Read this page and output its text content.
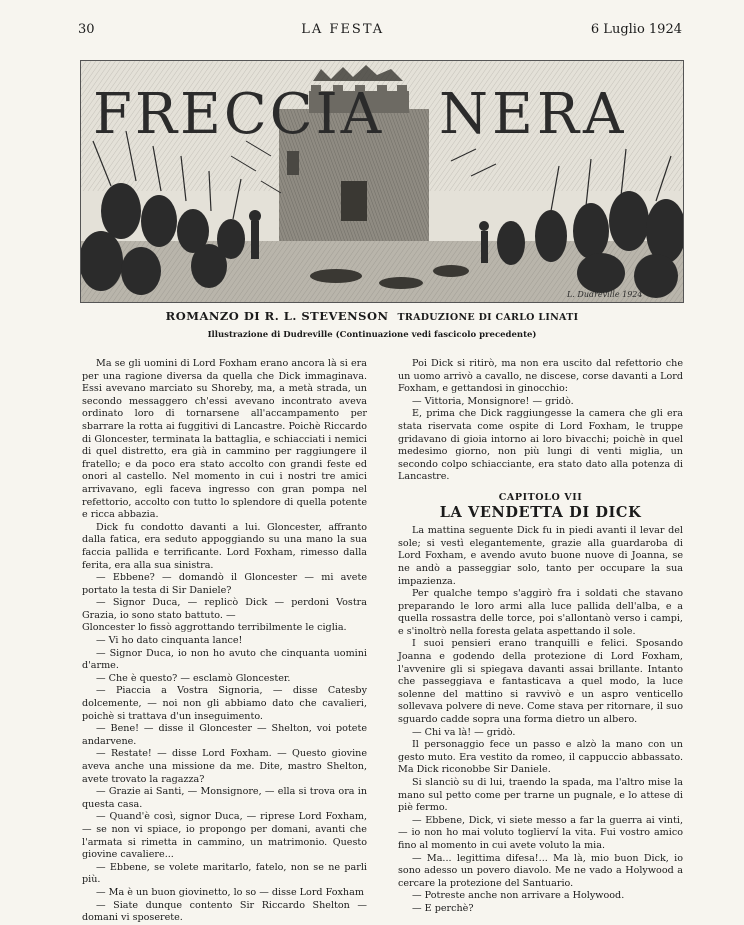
30	LA FESTA	6 Luglio 1924
FRECCIA NERA
L. Dudreville 1924
ROMANZO DI R. L. STEVENSON TRADUZIONE DI CARLO LINATI
Illustrazione di Dudreville (Continuazione vedi fascicolo precedente)

Ma se gli uomini di Lord Foxham erano ancora là si era per una ragione diversa da quella che Dick immaginava. Essi avevano marciato su Shoreby, ma, a metà strada, un secondo messaggero ch'essi avevano incontrato aveva ordinato loro di tornarsene all'accampamento per sbarrare la rotta ai fuggitivi di Lancastre. Poichè Riccardo di Gloncester, terminata la battaglia, e schiacciati i nemici di quel distretto, era già in cammino per raggiungere il fratello; e da poco era stato accolto con grandi feste ed onori al castello. Nel momento in cui i nostri tre amici arrivavano, egli faceva ingresso con gran pompa nel refettorio, accolto con tutto lo splendore di quella potente e ricca abbazia.

Dick fu condotto davanti a lui. Gloncester, affranto dalla fatica, era seduto appoggiando su una mano la sua faccia pallida e terrificante. Lord Foxham, rimesso dalla ferita, era alla sua sinistra.

— Ebbene? — domandò il Gloncester — mi avete portato la testa di Sir Daniele?

— Signor Duca, — replicò Dick — perdoni Vostra Grazia, io sono stato battuto. —

Gloncester lo fissò aggrottando terribilmente le ciglia.

— Vi ho dato cinquanta lance!

— Signor Duca, io non ho avuto che cinquanta uomini d'arme.

— Che è questo? — esclamò Gloncester.

— Piaccia a Vostra Signoria, — disse Catesby dolcemente, — noi non gli abbiamo dato che cavalieri, poichè si trattava d'un inseguimento.

— Bene! — disse il Gloncester — Shelton, voi potete andarvene.

— Restate! — disse Lord Foxham. — Questo giovine aveva anche una missione da me. Dite, mastro Shelton, avete trovato la ragazza?

— Grazie ai Santi, — Monsignore, — ella si trova ora in questa casa.

— Quand'è così, signor Duca, — riprese Lord Foxham, — se non vi spiace, io propongo per domani, avanti che l'armata si rimetta in cammino, un matrimonio. Questo giovine cavaliere...

— Ebbene, se volete maritarlo, fatelo, non se ne parli più.

— Ma è un buon giovinetto, lo so — disse Lord Foxham

— Siate dunque contento Sir Riccardo Shelton — domani vi sposerete.

Poi Dick si ritirò, ma non era uscito dal refettorio che un uomo arrivò a cavallo, ne discese, corse davanti a Lord Foxham, e gettandosi in ginocchio:

— Vittoria, Monsignore! — gridò.

E, prima che Dick raggiungesse la camera che gli era stata riservata come ospite di Lord Foxham, le truppe gridavano di gioia intorno ai loro bivacchi; poichè in quel medesimo giorno, non più lungi di venti miglia, un secondo colpo schiacciante, era stato dato alla potenza di Lancastre.

CAPITOLO VII
LA VENDETTA DI DICK

La mattina seguente Dick fu in piedi avanti il levar del sole; si vestì elegantemente, grazie alla guardaroba di Lord Foxham, e avendo avuto buone nuove di Joanna, se ne andò a passeggiar solo, tanto per occupare la sua impazienza.

Per qualche tempo s'aggirò fra i soldati che stavano preparando le loro armi alla luce pallida dell'alba, e a quella rossastra delle torce, poi s'allontanò verso i campi, e s'inoltrò nella foresta gelata aspettando il sole.

I suoi pensieri erano tranquilli e felici. Sposando Joanna e godendo della protezione di Lord Foxham, l'avvenire gli si spiegava davanti assai brillante. Intanto che passeggiava e fantasticava a quel modo, la luce solenne del mattino si ravvivò e un aspro venticello sollevava polvere di neve. Come stava per ritornare, il suo sguardo cadde sopra una forma dietro un albero.

— Chi va là! — gridò.

Il personaggio fece un passo e alzò la mano con un gesto muto. Era vestito da romeo, il cappuccio abbassato. Ma Dick riconobbe Sir Daniele.

Si slanciò su di lui, traendo la spada, ma l'altro mise la mano sul petto come per trarne un pugnale, e lo attese di piè fermo.

— Ebbene, Dick, vi siete messo a far la guerra ai vinti, — io non ho mai voluto toglierví la vita. Fui vostro amico fino al momento in cui avete voluto la mia.

— Ma... legittima difesa!... Ma là, mio buon Dick, io sono adesso un povero diavolo. Me ne vado a Holywood a cercare la protezione del Santuario.

— Potreste anche non arrivare a Holywood.

— E perchè?
